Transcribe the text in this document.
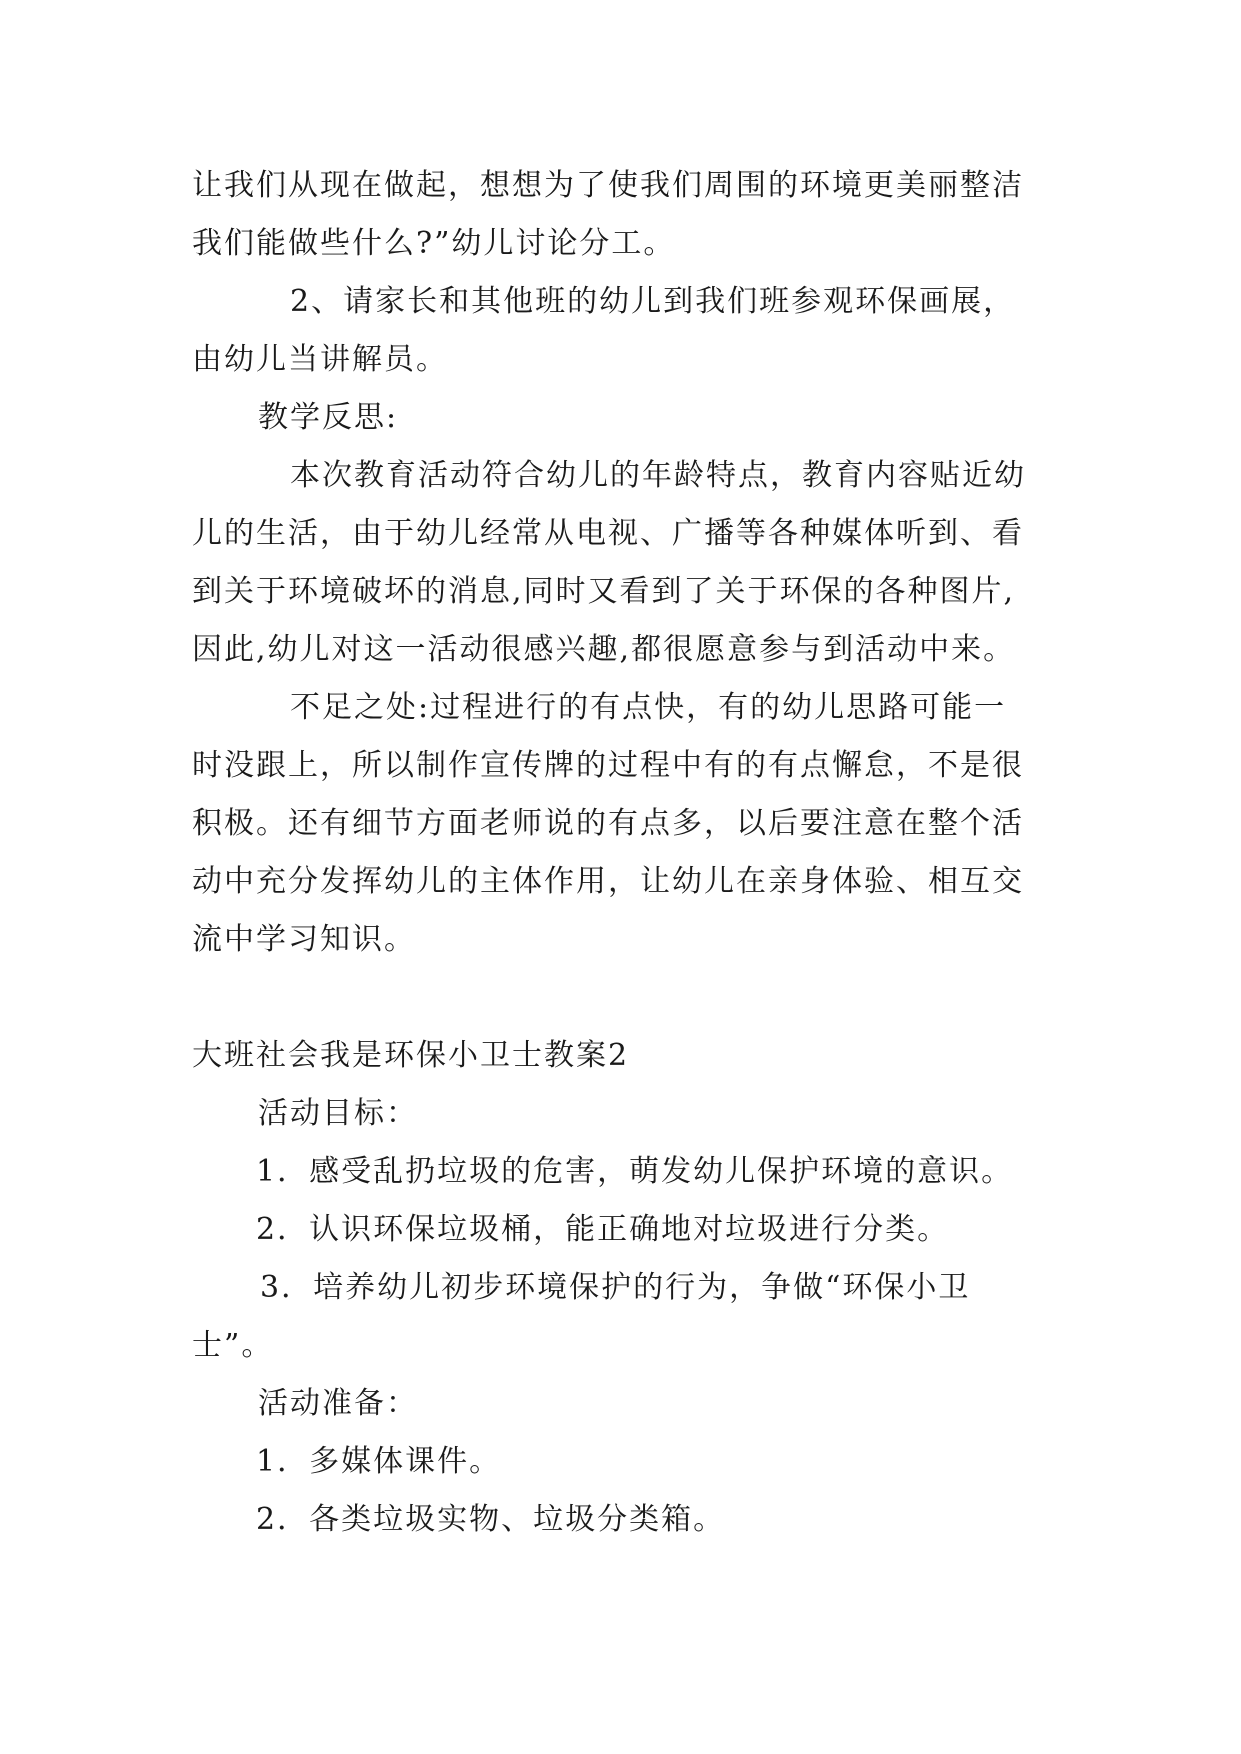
让我们从现在做起，想想为了使我们周围的环境更美丽整洁

我们能做些什么?”幼儿讨论分工。

2、请家长和其他班的幼儿到我们班参观环保画展，

由幼儿当讲解员。

教学反思:

本次教育活动符合幼儿的年龄特点，教育内容贴近幼

儿的生活，由于幼儿经常从电视、广播等各种媒体听到、看

到关于环境破坏的消息,同时又看到了关于环保的各种图片,

因此,幼儿对这一活动很感兴趣,都很愿意参与到活动中来。

不足之处:过程进行的有点快，有的幼儿思路可能一

时没跟上，所以制作宣传牌的过程中有的有点懈怠，不是很

积极。还有细节方面老师说的有点多，以后要注意在整个活

动中充分发挥幼儿的主体作用，让幼儿在亲身体验、相互交

流中学习知识。

大班社会我是环保小卫士教案2

活动目标：

1．感受乱扔垃圾的危害，萌发幼儿保护环境的意识。

2．认识环保垃圾桶，能正确地对垃圾进行分类。

3．培养幼儿初步环境保护的行为，争做“环保小卫

士”。

活动准备：

1．多媒体课件。

2．各类垃圾实物、垃圾分类箱。
